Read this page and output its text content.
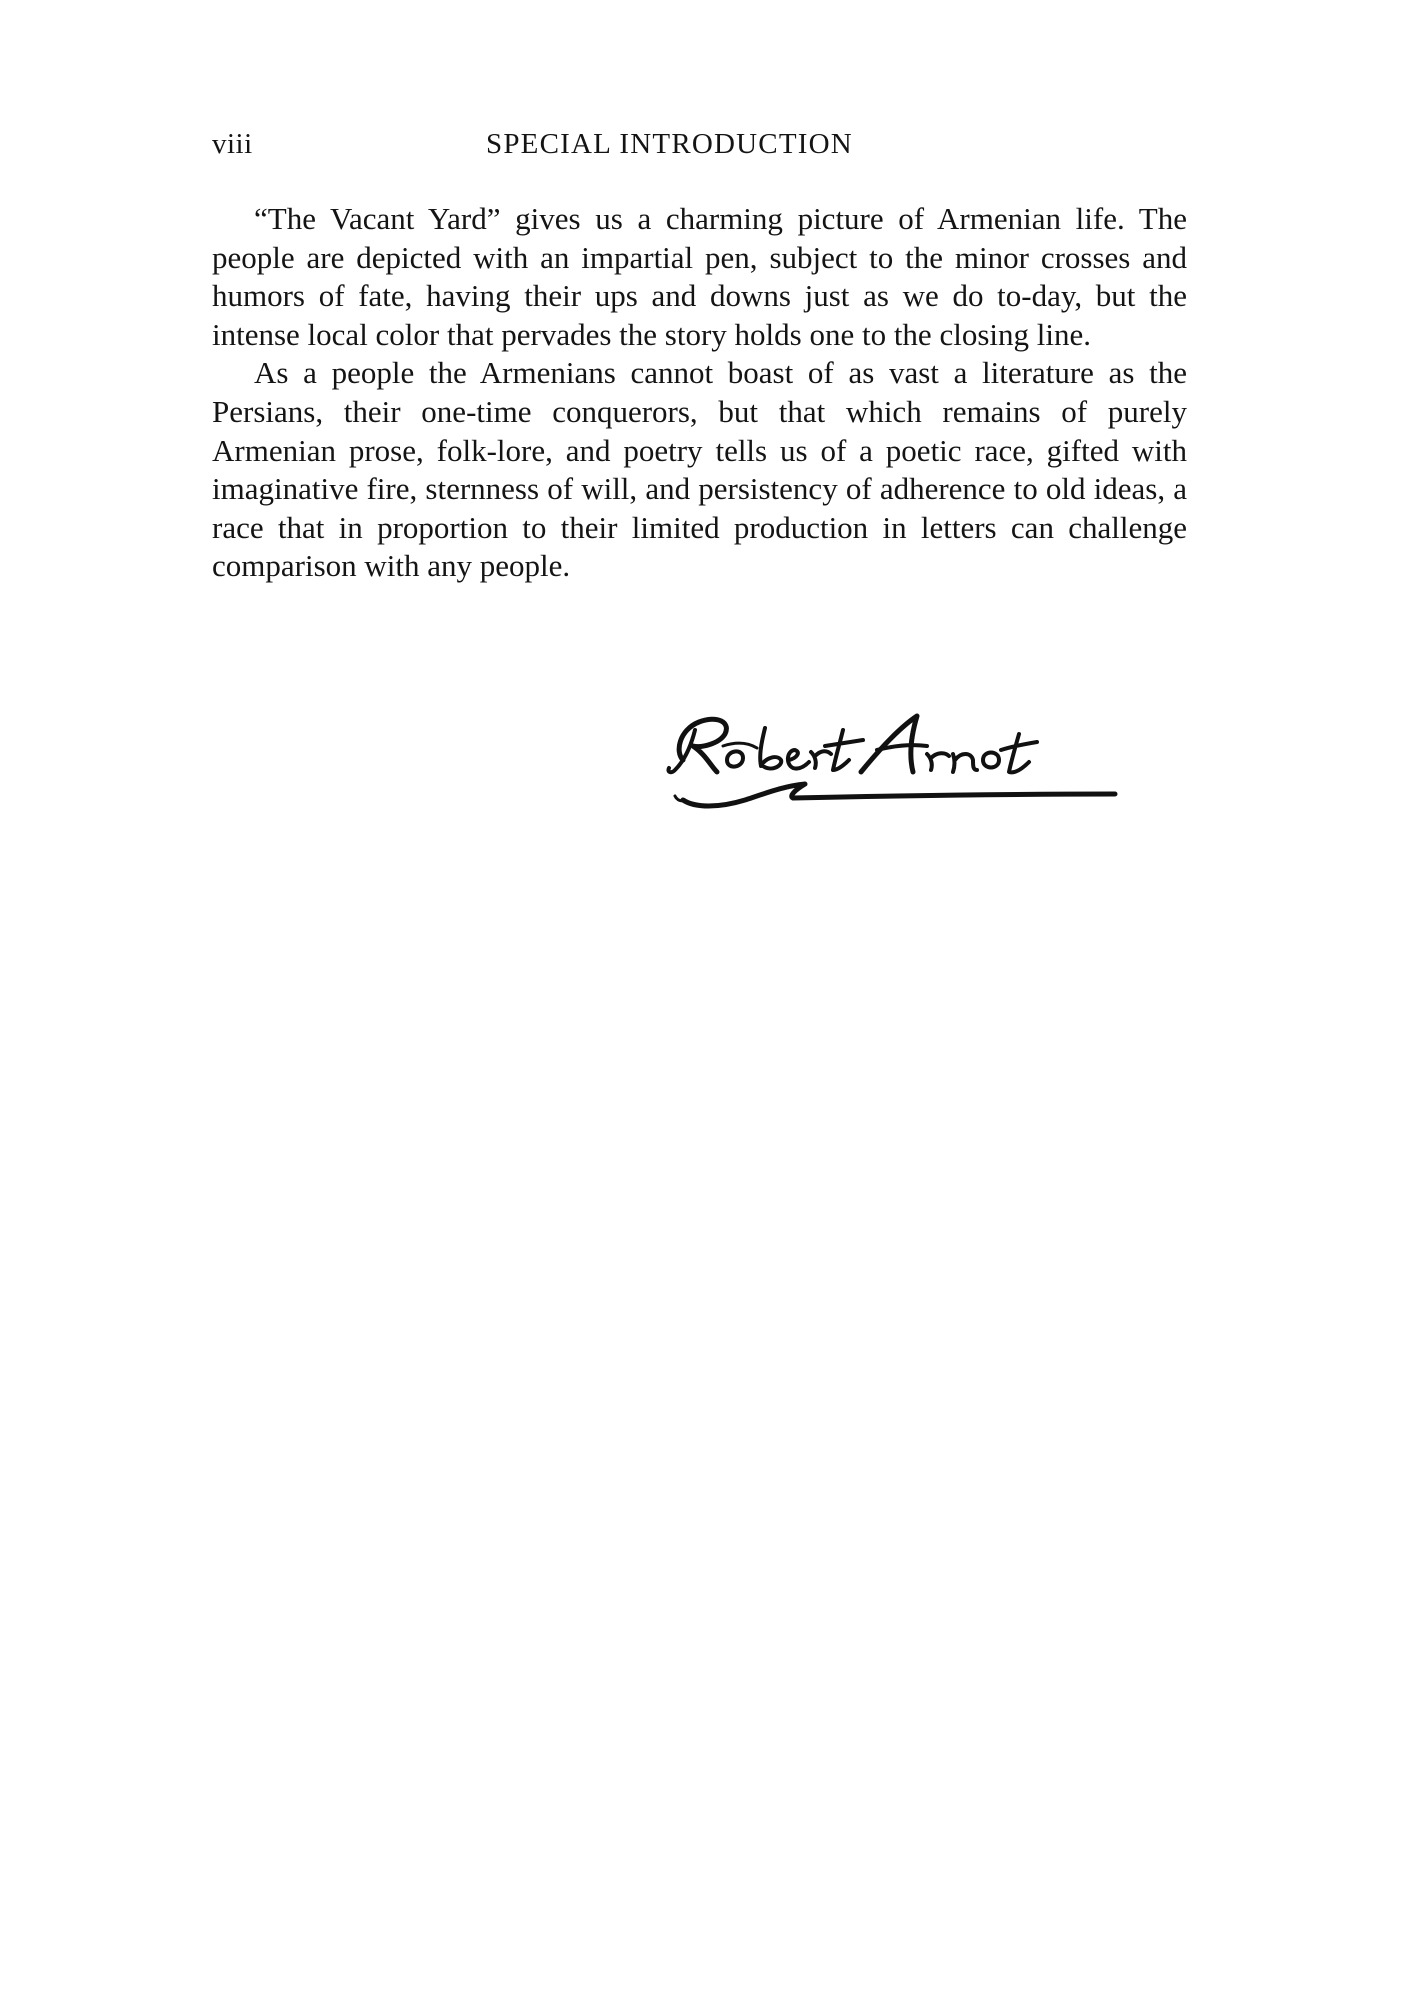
viii	SPECIAL INTRODUCTION

“The Vacant Yard” gives us a charming picture of Armenian life. The people are depicted with an impartial pen, subject to the minor crosses and humors of fate, having their ups and downs just as we do to-day, but the intense local color that pervades the story holds one to the closing line.

As a people the Armenians cannot boast of as vast a literature as the Persians, their one-time conquerors, but that which remains of purely Armenian prose, folk-lore, and poetry tells us of a poetic race, gifted with imaginative fire, sternness of will, and persistency of adherence to old ideas, a race that in proportion to their limited production in letters can challenge comparison with any people.
